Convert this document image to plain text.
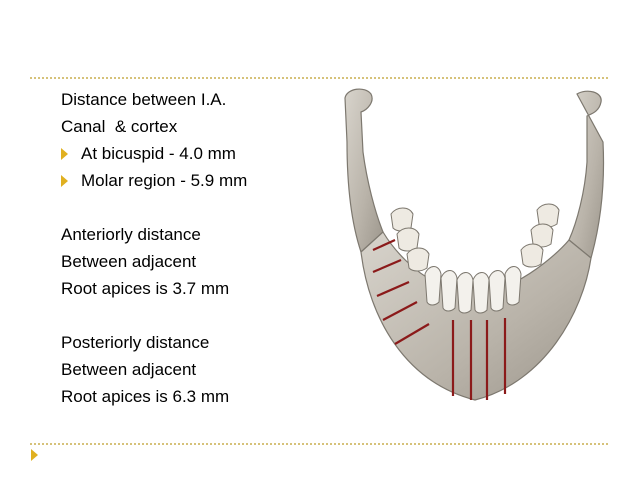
Distance between I.A.
Canal  & cortex
At bicuspid - 4.0 mm
Molar region - 5.9 mm
Anteriorly distance
Between adjacent
Root apices is 3.7 mm
Posteriorly distance
Between adjacent
Root apices is 6.3 mm
